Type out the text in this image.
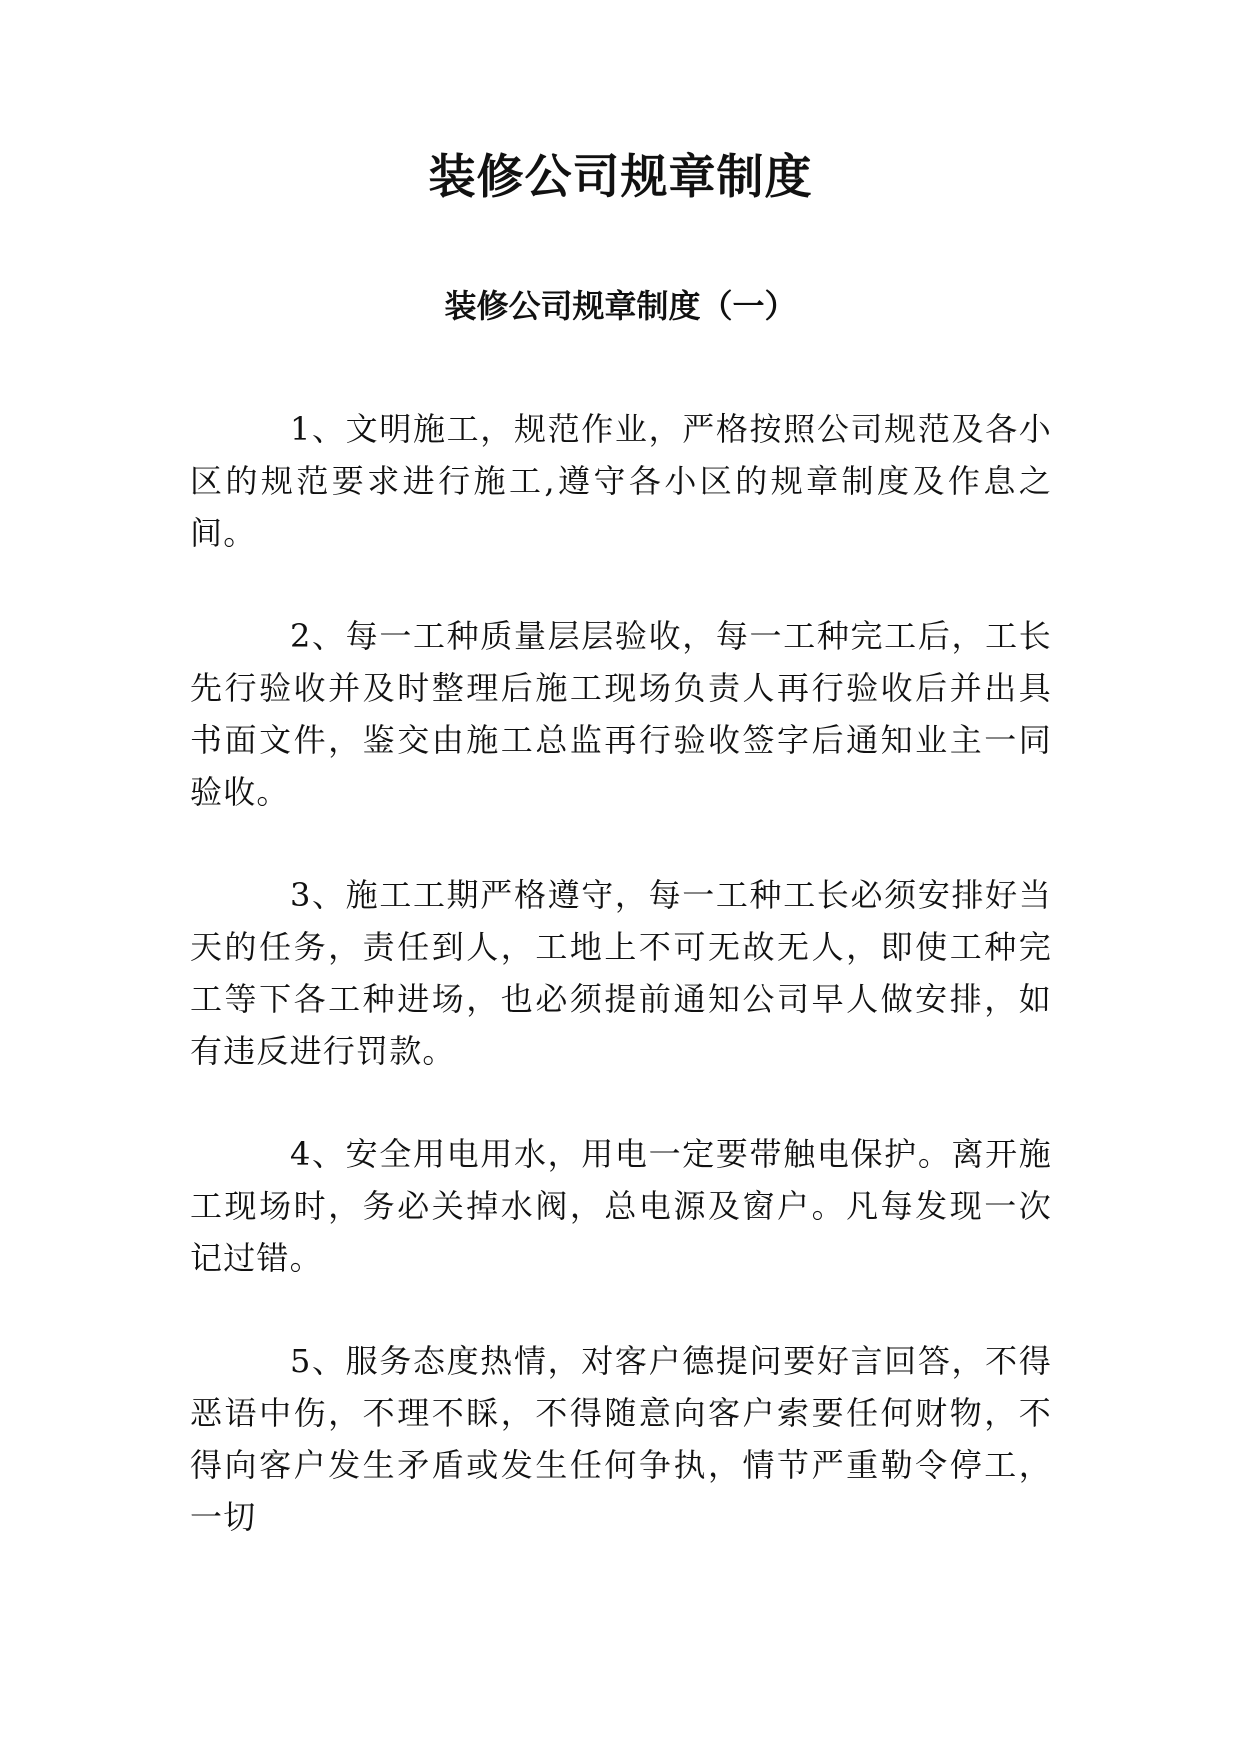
装修公司规章制度
装修公司规章制度（一）

1、文明施工，规范作业，严格按照公司规范及各小区的规范要求进行施工,遵守各小区的规章制度及作息之间。

2、每一工种质量层层验收，每一工种完工后，工长先行验收并及时整理后施工现场负责人再行验收后并出具书面文件，鉴交由施工总监再行验收签字后通知业主一同验收。

3、施工工期严格遵守，每一工种工长必须安排好当天的任务，责任到人，工地上不可无故无人，即使工种完工等下各工种进场，也必须提前通知公司早人做安排，如有违反进行罚款。

4、安全用电用水，用电一定要带触电保护。离开施工现场时，务必关掉水阀，总电源及窗户。凡每发现一次记过错。

5、服务态度热情，对客户德提问要好言回答，不得恶语中伤，不理不睬，不得随意向客户索要任何财物，不得向客户发生矛盾或发生任何争执，情节严重勒令停工，一切
